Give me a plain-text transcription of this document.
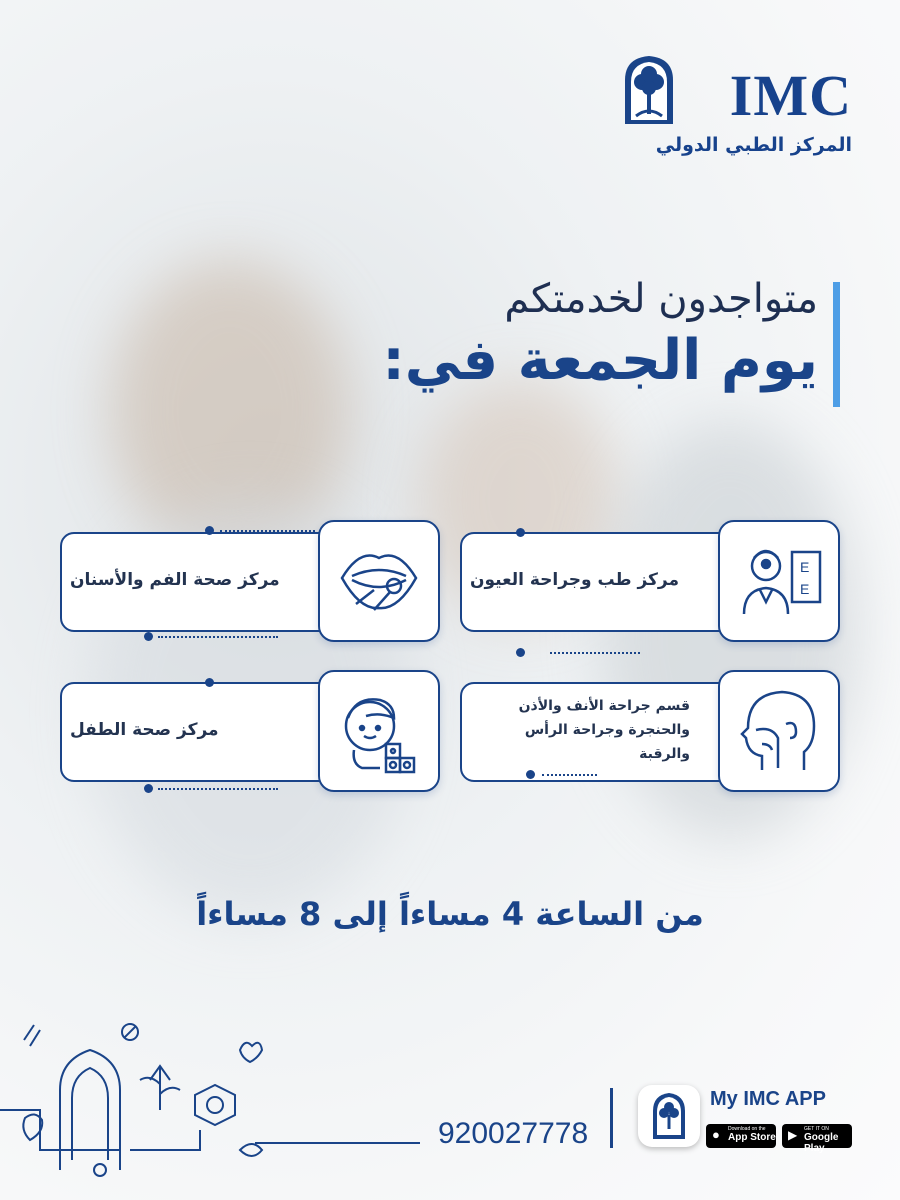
IMC
المركز الطبي الدولي
متواجدون لخدمتكم
يوم الجمعة في:
مركز طب وجراحة العيون
E
E
مركز صحة الفم والأسنان
قسم جراحة الأنف والأذن والحنجرة وجراحة الرأس والرقبة
مركز صحة الطفل
من الساعة 4 مساءاً إلى 8 مساءاً
920027778
My IMC APP
● Download on the
App Store ▶ GET IT ON
Google Play
